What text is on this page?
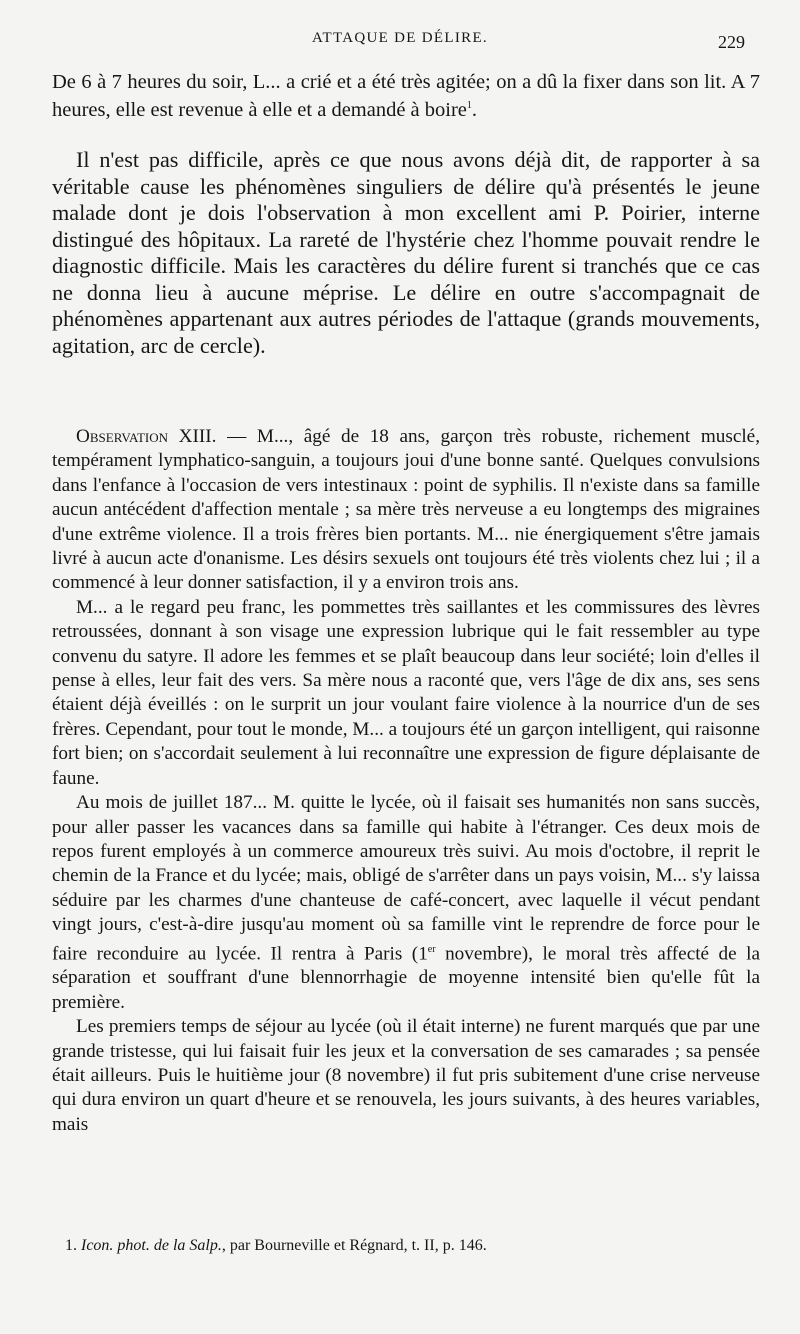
ATTAQUE DE DÉLIRE.	229

De 6 à 7 heures du soir, L... a crié et a été très agitée; on a dû la fixer dans son lit. A 7 heures, elle est revenue à elle et a demandé à boire$^1$.

Il n'est pas difficile, après ce que nous avons déjà dit, de rapporter à sa véritable cause les phénomènes singuliers de délire qu'à présentés le jeune malade dont je dois l'observation à mon excellent ami P. Poirier, interne distingué des hôpitaux. La rareté de l'hystérie chez l'homme pouvait rendre le diagnostic difficile. Mais les caractères du délire furent si tranchés que ce cas ne donna lieu à aucune méprise. Le délire en outre s'accompagnait de phénomènes appartenant aux autres périodes de l'attaque (grands mouvements, agitation, arc de cercle).

Observation XIII. — M..., âgé de 18 ans, garçon très robuste, richement musclé, tempérament lymphatico-sanguin, a toujours joui d'une bonne santé. Quelques convulsions dans l'enfance à l'occasion de vers intestinaux : point de syphilis. Il n'existe dans sa famille aucun antécédent d'affection mentale ; sa mère très nerveuse a eu longtemps des migraines d'une extrême violence. Il a trois frères bien portants. M... nie énergiquement s'être jamais livré à aucun acte d'onanisme. Les désirs sexuels ont toujours été très violents chez lui ; il a commencé à leur donner satisfaction, il y a environ trois ans.

M... a le regard peu franc, les pommettes très saillantes et les commissures des lèvres retroussées, donnant à son visage une expression lubrique qui le fait ressembler au type convenu du satyre. Il adore les femmes et se plaît beaucoup dans leur société; loin d'elles il pense à elles, leur fait des vers. Sa mère nous a raconté que, vers l'âge de dix ans, ses sens étaient déjà éveillés : on le surprit un jour voulant faire violence à la nourrice d'un de ses frères. Cependant, pour tout le monde, M... a toujours été un garçon intelligent, qui raisonne fort bien; on s'accordait seulement à lui reconnaître une expression de figure déplaisante de faune.

Au mois de juillet 187... M. quitte le lycée, où il faisait ses humanités non sans succès, pour aller passer les vacances dans sa famille qui habite à l'étranger. Ces deux mois de repos furent employés à un commerce amoureux très suivi. Au mois d'octobre, il reprit le chemin de la France et du lycée; mais, obligé de s'arrêter dans un pays voisin, M... s'y laissa séduire par les charmes d'une chanteuse de café-concert, avec laquelle il vécut pendant vingt jours, c'est-à-dire jusqu'au moment où sa famille vint le reprendre de force pour le faire reconduire au lycée. Il rentra à Paris (1er novembre), le moral très affecté de la séparation et souffrant d'une blennorrhagie de moyenne intensité bien qu'elle fût la première.

Les premiers temps de séjour au lycée (où il était interne) ne furent marqués que par une grande tristesse, qui lui faisait fuir les jeux et la conversation de ses camarades ; sa pensée était ailleurs. Puis le huitième jour (8 novembre) il fut pris subitement d'une crise nerveuse qui dura environ un quart d'heure et se renouvela, les jours suivants, à des heures variables, mais

1. Icon. phot. de la Salp., par Bourneville et Régnard, t. II, p. 146.
